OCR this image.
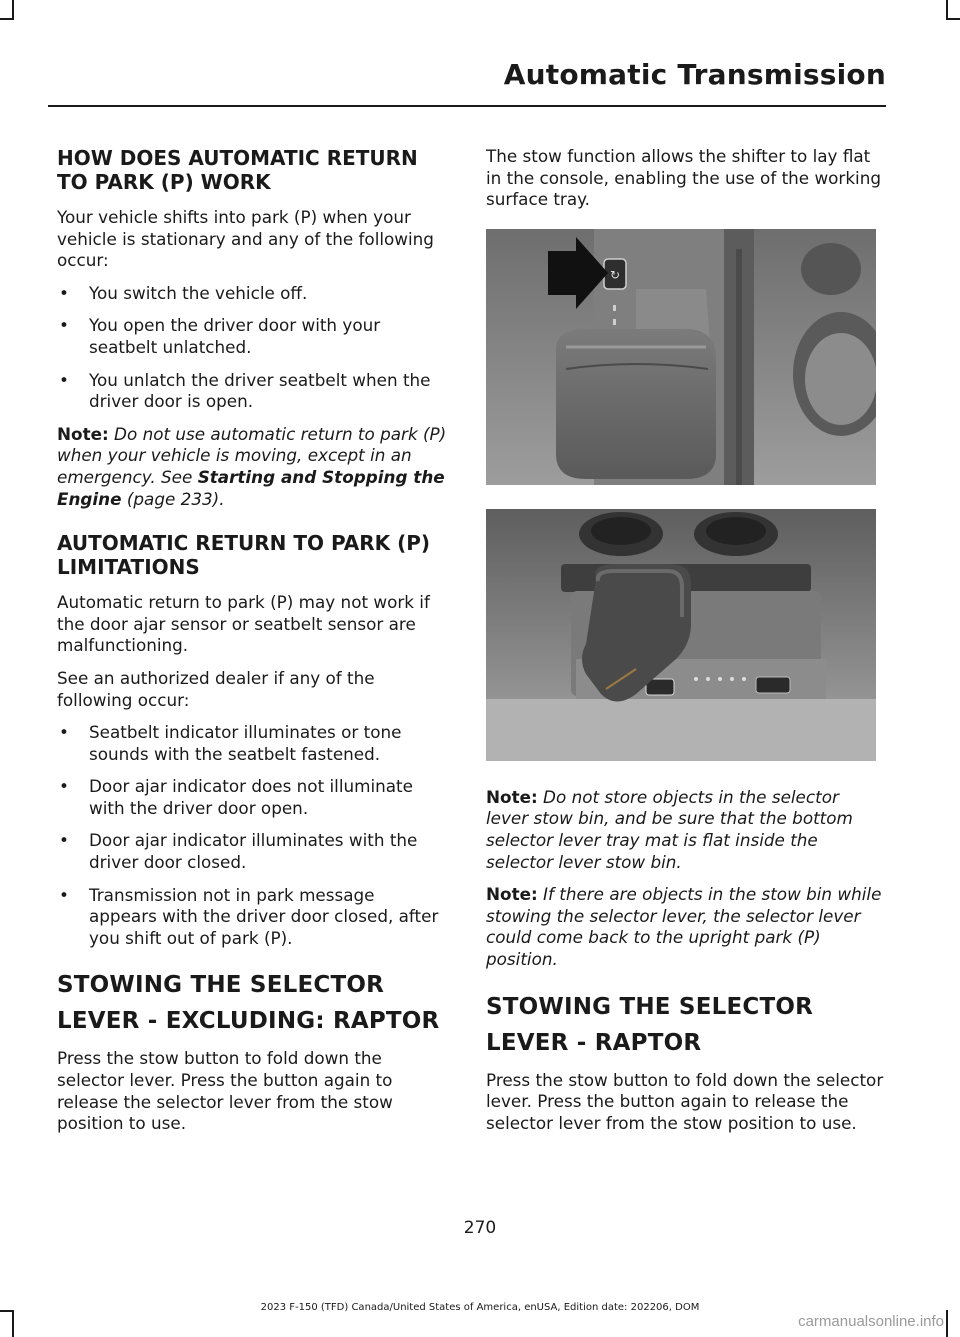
Automatic Transmission
HOW DOES AUTOMATIC RETURN TO PARK (P) WORK

Your vehicle shifts into park (P) when your vehicle is stationary and any of the following occur:

• You switch the vehicle off.
• You open the driver door with your seatbelt unlatched.
• You unlatch the driver seatbelt when the driver door is open.

Note: Do not use automatic return to park (P) when your vehicle is moving, except in an emergency. See Starting and Stopping the Engine (page 233).

AUTOMATIC RETURN TO PARK (P) LIMITATIONS

Automatic return to park (P) may not work if the door ajar sensor or seatbelt sensor are malfunctioning.

See an authorized dealer if any of the following occur:

• Seatbelt indicator illuminates or tone sounds with the seatbelt fastened.
• Door ajar indicator does not illuminate with the driver door open.
• Door ajar indicator illuminates with the driver door closed.
• Transmission not in park message appears with the driver door closed, after you shift out of park (P).
STOWING THE SELECTOR
LEVER - EXCLUDING: RAPTOR

Press the stow button to fold down the selector lever. Press the button again to release the selector lever from the stow position to use.

The stow function allows the shifter to lay flat in the console, enabling the use of the working surface tray.

↻

Note: Do not store objects in the selector lever stow bin, and be sure that the bottom selector lever tray mat is flat inside the selector lever stow bin.

Note: If there are objects in the stow bin while stowing the selector lever, the selector lever could come back to the upright park (P) position.

STOWING THE SELECTOR
LEVER - RAPTOR

Press the stow button to fold down the selector lever. Press the button again to release the selector lever from the stow position to use.

270
2023 F-150 (TFD) Canada/United States of America, enUSA, Edition date: 202206, DOM
carmanualsonline.info
